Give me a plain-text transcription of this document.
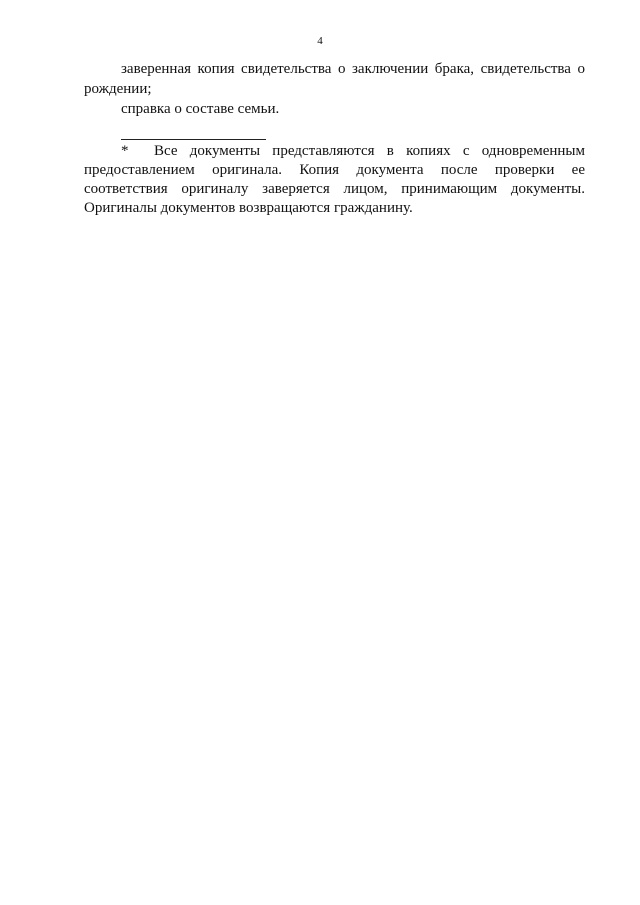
4

заверенная копия свидетельства о заключении брака, свидетельства о рождении;

справка о составе семьи.

* Все документы представляются в копиях с одновременным предоставлением оригинала. Копия документа после проверки ее соответствия оригиналу заверяется лицом, принимающим документы. Оригиналы документов возвращаются гражданину.
